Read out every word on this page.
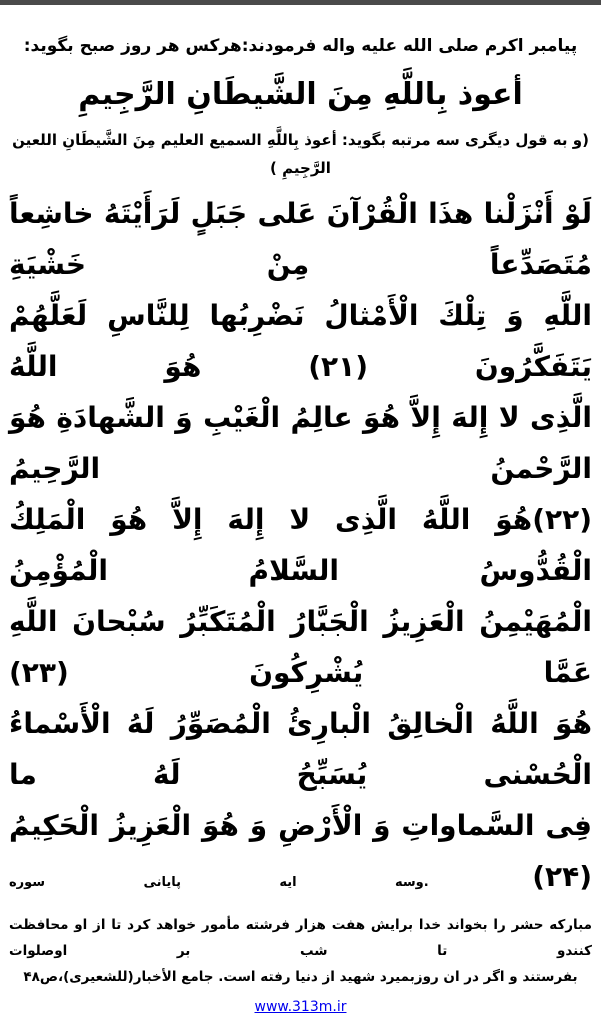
پیامبر اکرم صلی الله علیه واله فرمودند:هرکس هر روز صبح بگوید:
أعوذ بِاللَّهِ مِنَ الشَّیطَانِ الرَّجِیمِ
(و به قول دیگری سه مرتبه بگوید: أعوذ بِاللَّهِ السمیع العلیم مِنَ الشَّیطَانِ اللعین الرَّجِیمِ )
لَوْ أَنْزَلْنا هذَا الْقُرْآنَ عَلى جَبَلٍ لَرَأَيْتَهُ خاشِعاً مُتَصَدِّعاً مِنْ خَشْيَةِ
اللَّهِ وَ تِلْكَ الْأَمْثالُ نَضْرِبُها لِلنَّاسِ لَعَلَّهُمْ يَتَفَكَّرُونَ (۲۱) هُوَ اللَّهُ
الَّذِى لا إِلهَ إِلاَّ هُوَ عالِمُ الْغَيْبِ وَ الشَّهادَةِ هُوَ الرَّحْمنُ الرَّحِيمُ
(۲۲)هُوَ اللَّهُ الَّذِى لا إِلهَ إِلاَّ هُوَ الْمَلِكُ الْقُدُّوسُ السَّلامُ الْمُؤْمِنُ
الْمُهَيْمِنُ الْعَزِيزُ الْجَبَّارُ الْمُتَكَبِّرُ سُبْحانَ اللَّهِ عَمَّا يُشْرِكُونَ (۲۳)
هُوَ اللَّهُ الْخالِقُ الْبارِئُ الْمُصَوِّرُ لَهُ الْأَسْماءُ الْحُسْنى يُسَبِّحُ لَهُ ما
فِى السَّماواتِ وَ الْأَرْضِ وَ هُوَ الْعَزِيزُ الْحَكِيمُ (۲۴) .وسه ایه پایانی سوره
مبارکه حشر را بخواند خدا برایش هفت هزار فرشته مأمور خواهد کرد تا از او محافظت کنندو تا شب بر اوصلوات
بفرستند و اگر در ان روزبمیرد شهید از دنیا رفته است. جامع الأخبار(للشعیری)،ص۴۸
www.313m.ir
